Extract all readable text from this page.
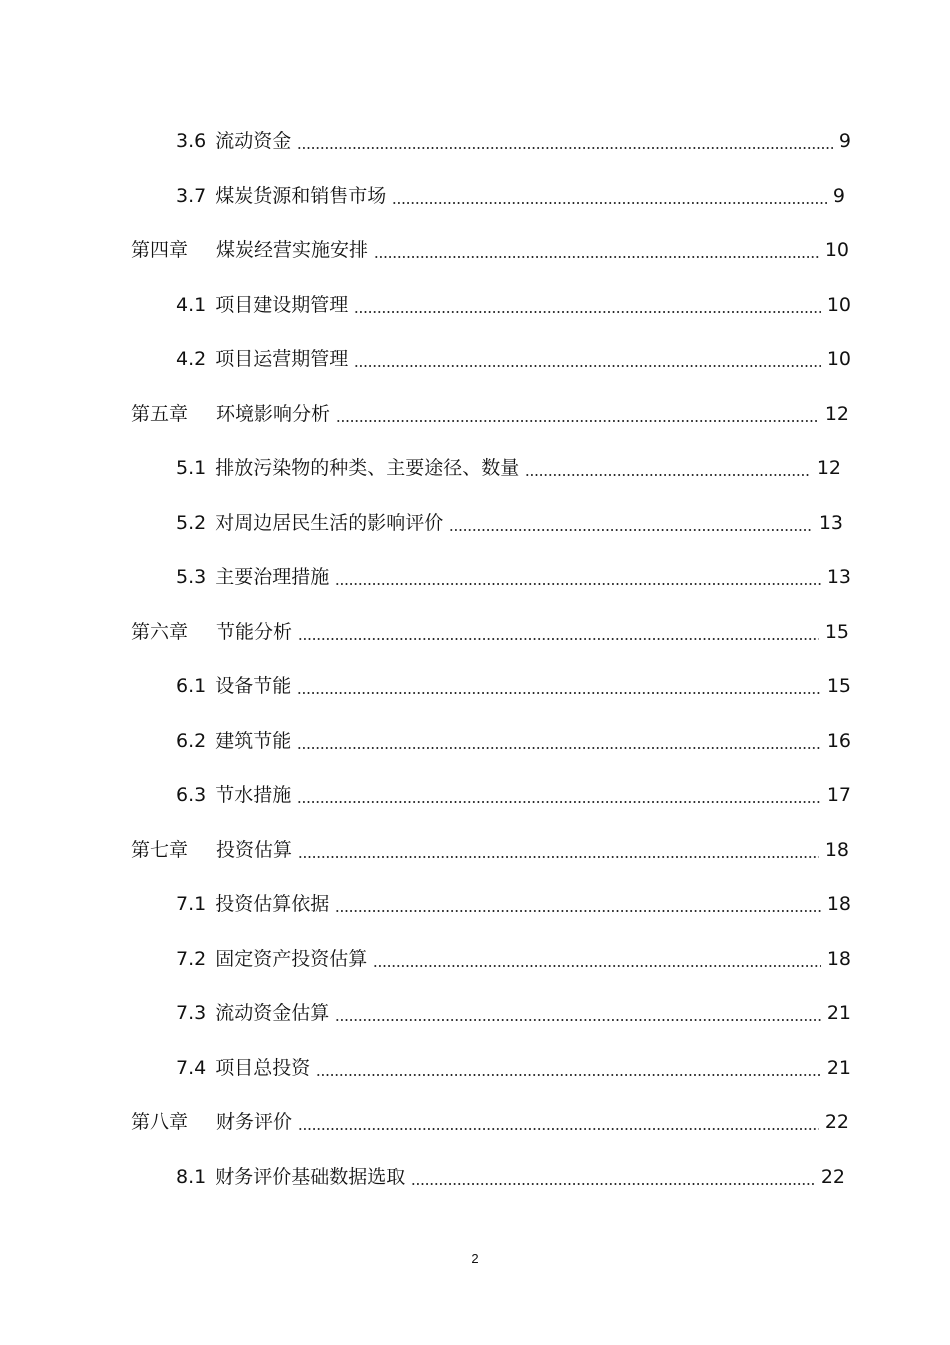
3.6 流动资金	9
3.7 煤炭货源和销售市场	9
第四章 煤炭经营实施安排	10
4.1 项目建设期管理	10
4.2 项目运营期管理	10
第五章 环境影响分析	12
5.1 排放污染物的种类、主要途径、数量	12
5.2 对周边居民生活的影响评价	13
5.3 主要治理措施	13
第六章 节能分析	15
6.1 设备节能	15
6.2 建筑节能	16
6.3 节水措施	17
第七章 投资估算	18
7.1 投资估算依据	18
7.2 固定资产投资估算	18
7.3 流动资金估算	21
7.4 项目总投资	21
第八章 财务评价	22
8.1 财务评价基础数据选取	22
2
